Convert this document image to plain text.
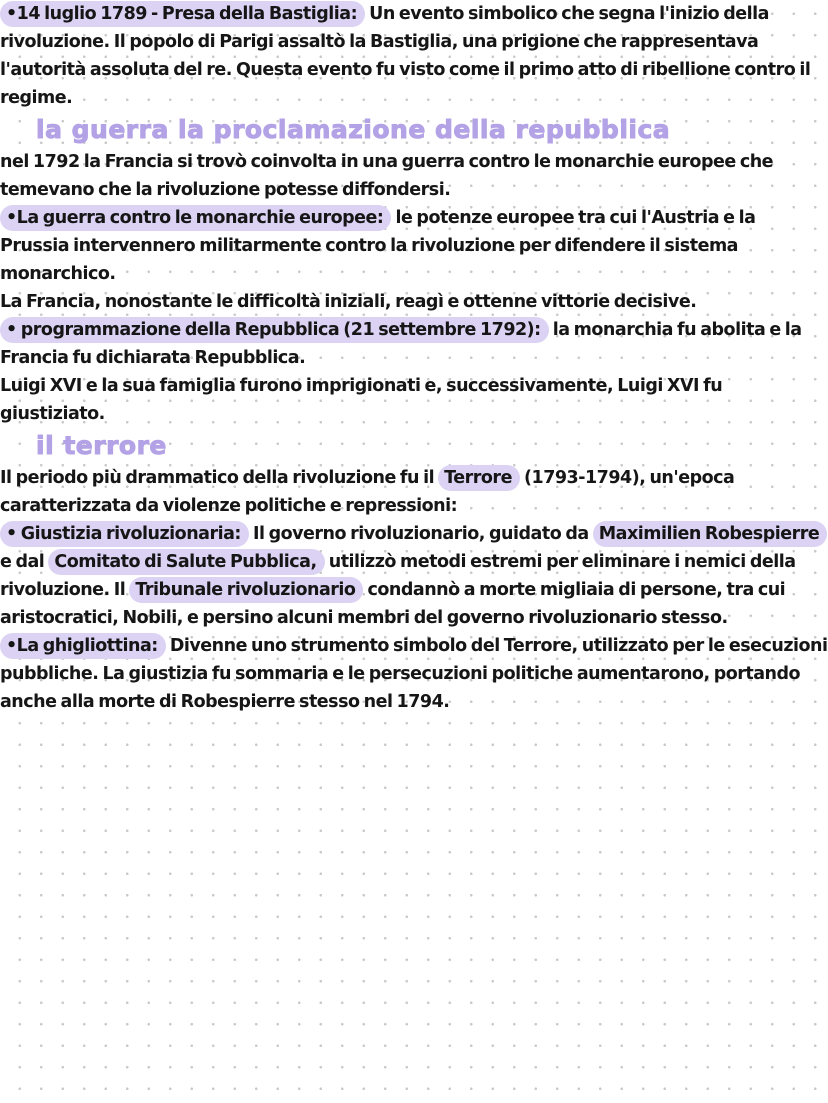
•14 luglio 1789 - Presa della Bastiglia: Un evento simbolico che segna l'inizio della rivoluzione. Il popolo di Parigi assaltò la Bastiglia, una prigione che rappresentava l'autorità assoluta del re. Questa evento fu visto come il primo atto di ribellione contro il regime.

la guerra la proclamazione della repubblica

nel 1792 la Francia si trovò coinvolta in una guerra contro le monarchie europee che temevano che la rivoluzione potesse diffondersi.

•La guerra contro le monarchie europee: le potenze europee tra cui l'Austria e la Prussia intervennero militarmente contro la rivoluzione per difendere il sistema monarchico.
La Francia, nonostante le difficoltà iniziali, reagì e ottenne vittorie decisive.

• programmazione della Repubblica (21 settembre 1792): la monarchia fu abolita e la Francia fu dichiarata Repubblica.
Luigi XVI e la sua famiglia furono imprigionati e, successivamente, Luigi XVI fu giustiziato.

il terrore

Il periodo più drammatico della rivoluzione fu il Terrore (1793-1794), un'epoca caratterizzata da violenze politiche e repressioni:

• Giustizia rivoluzionaria: Il governo rivoluzionario, guidato da Maximilien Robespierre e dal Comitato di Salute Pubblica, utilizzò metodi estremi per eliminare i nemici della rivoluzione. Il Tribunale rivoluzionario condannò a morte migliaia di persone, tra cui aristocratici, Nobili, e persino alcuni membri del governo rivoluzionario stesso.

•La ghigliottina: Divenne uno strumento simbolo del Terrore, utilizzato per le esecuzioni pubbliche. La giustizia fu sommaria e le persecuzioni politiche aumentarono, portando anche alla morte di Robespierre stesso nel 1794.
